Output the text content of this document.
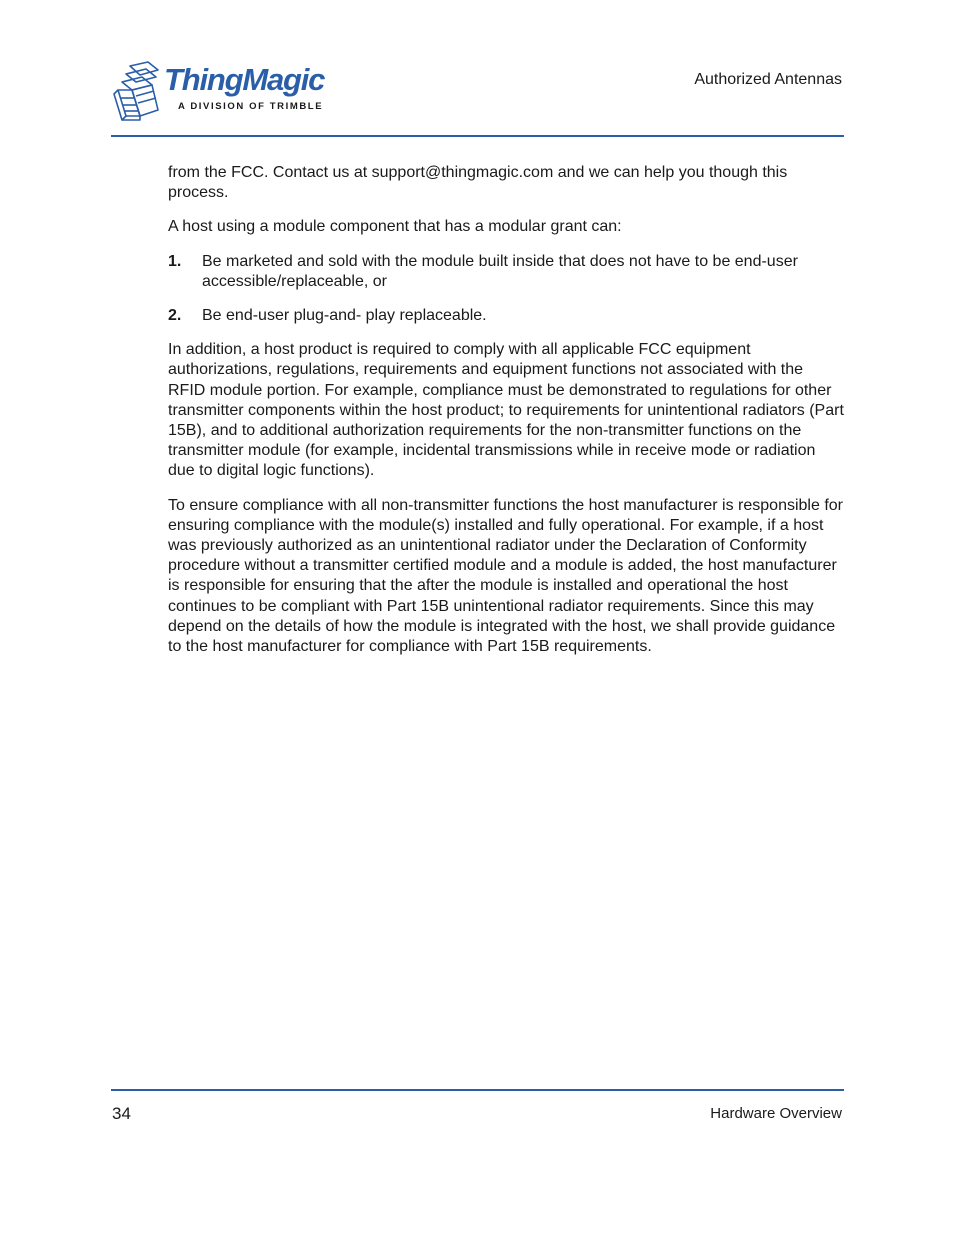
ThingMagic
A DIVISION OF TRIMBLE
Authorized Antennas

from the FCC. Contact us at support@thingmagic.com and we can help you though this process.

A host using a module component that has a modular grant can:

1. Be marketed and sold with the module built inside that does not have to be end-user accessible/replaceable, or
2. Be end-user plug-and- play replaceable.

In addition, a host product is required to comply with all applicable FCC equipment authorizations, regulations, requirements and equipment functions not associated with the RFID module portion. For example, compliance must be demonstrated to regulations for other transmitter components within the host product; to requirements for unintentional radiators (Part 15B), and to additional authorization requirements for the non-transmitter functions on the transmitter module (for example, incidental transmissions while in receive mode or radiation due to digital logic functions).

To ensure compliance with all non-transmitter functions the host manufacturer is responsible for ensuring compliance with the module(s) installed and fully operational. For example, if a host was previously authorized as an unintentional radiator under the Declaration of Conformity procedure without a transmitter certified module and a module is added, the host manufacturer is responsible for ensuring that the after the module is installed and operational the host continues to be compliant with Part 15B unintentional radiator requirements. Since this may depend on the details of how the module is integrated with the host, we shall provide guidance to the host manufacturer for compliance with Part 15B requirements.

34	Hardware Overview
